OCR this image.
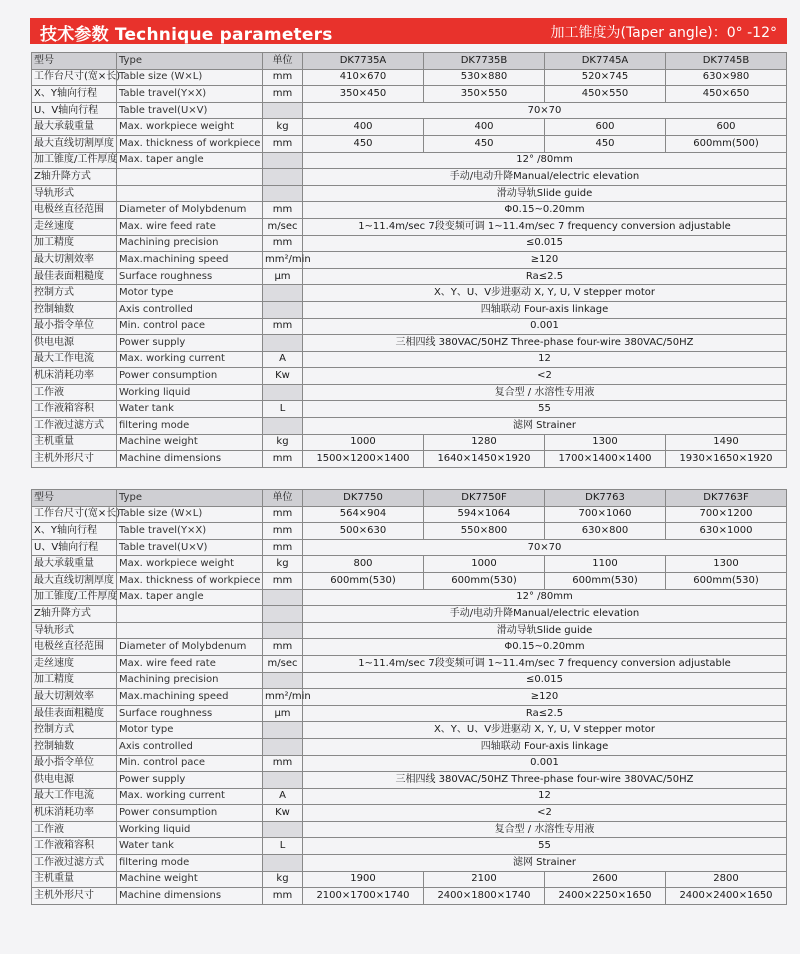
技术参数 Technique parameters	加工锥度为(Taper angle)：0° -12°
型号	Type	单位	DK7735A	DK7735B	DK7745A	DK7745B
工作台尺寸(宽×长)	Table size (W×L)	mm	410×670	530×880	520×745	630×980
X、Y轴向行程	Table travel(Y×X)	mm	350×450	350×550	450×550	450×650
U、V轴向行程	Table travel(U×V)		70×70			
最大承载重量	Max. workpiece weight	kg	400	400	600	600
最大直线切割厚度	Max. thickness of workpiece	mm	450	450	450	600mm(500)
加工锥度/工件厚度	Max. taper angle		12° /80mm			
Z轴升降方式			手动/电动升降Manual/electric elevation			
导轨形式			滑动导轨Slide guide			
电极丝直径范围	Diameter of Molybdenum	mm	Φ0.15~0.20mm			
走丝速度	Max. wire feed rate	m/sec	1~11.4m/sec 7段变频可调 1~11.4m/sec 7 frequency conversion adjustable			
加工精度	Machining precision	mm	≤0.015			
最大切割效率	Max.machining speed	mm²/min	≥120			
最佳表面粗糙度	Surface roughness	μm	Ra≤2.5			
控制方式	Motor type		X、Y、U、V步进驱动 X, Y, U, V stepper motor			
控制轴数	Axis controlled		四轴联动 Four-axis linkage			
最小指令单位	Min. control pace	mm	0.001			
供电电源	Power supply		三相四线 380VAC/50HZ Three-phase four-wire 380VAC/50HZ			
最大工作电流	Max. working current	A	12			
机床消耗功率	Power consumption	Kw	<2			
工作液	Working liquid		复合型 / 水溶性专用液			
工作液箱容积	Water tank	L	55			
工作液过滤方式	filtering mode		滤网 Strainer			
主机重量	Machine weight	kg	1000	1280	1300	1490
主机外形尺寸	Machine dimensions	mm	1500×1200×1400	1640×1450×1920	1700×1400×1400	1930×1650×1920
型号	Type	单位	DK7750	DK7750F	DK7763	DK7763F
工作台尺寸(宽×长)	Table size (W×L)	mm	564×904	594×1064	700×1060	700×1200
X、Y轴向行程	Table travel(Y×X)	mm	500×630	550×800	630×800	630×1000
U、V轴向行程	Table travel(U×V)	mm	70×70			
最大承载重量	Max. workpiece weight	kg	800	1000	1100	1300
最大直线切割厚度	Max. thickness of workpiece	mm	600mm(530)	600mm(530)	600mm(530)	600mm(530)
加工锥度/工件厚度	Max. taper angle		12° /80mm			
Z轴升降方式			手动/电动升降Manual/electric elevation			
导轨形式			滑动导轨Slide guide			
电极丝直径范围	Diameter of Molybdenum	mm	Φ0.15~0.20mm			
走丝速度	Max. wire feed rate	m/sec	1~11.4m/sec 7段变频可调 1~11.4m/sec 7 frequency conversion adjustable			
加工精度	Machining precision		≤0.015			
最大切割效率	Max.machining speed	mm²/min	≥120			
最佳表面粗糙度	Surface roughness	μm	Ra≤2.5			
控制方式	Motor type		X、Y、U、V步进驱动 X, Y, U, V stepper motor			
控制轴数	Axis controlled		四轴联动 Four-axis linkage			
最小指令单位	Min. control pace	mm	0.001			
供电电源	Power supply		三相四线 380VAC/50HZ Three-phase four-wire 380VAC/50HZ			
最大工作电流	Max. working current	A	12			
机床消耗功率	Power consumption	Kw	<2			
工作液	Working liquid		复合型 / 水溶性专用液			
工作液箱容积	Water tank	L	55			
工作液过滤方式	filtering mode		滤网 Strainer			
主机重量	Machine weight	kg	1900	2100	2600	2800
主机外形尺寸	Machine dimensions	mm	2100×1700×1740	2400×1800×1740	2400×2250×1650	2400×2400×1650
